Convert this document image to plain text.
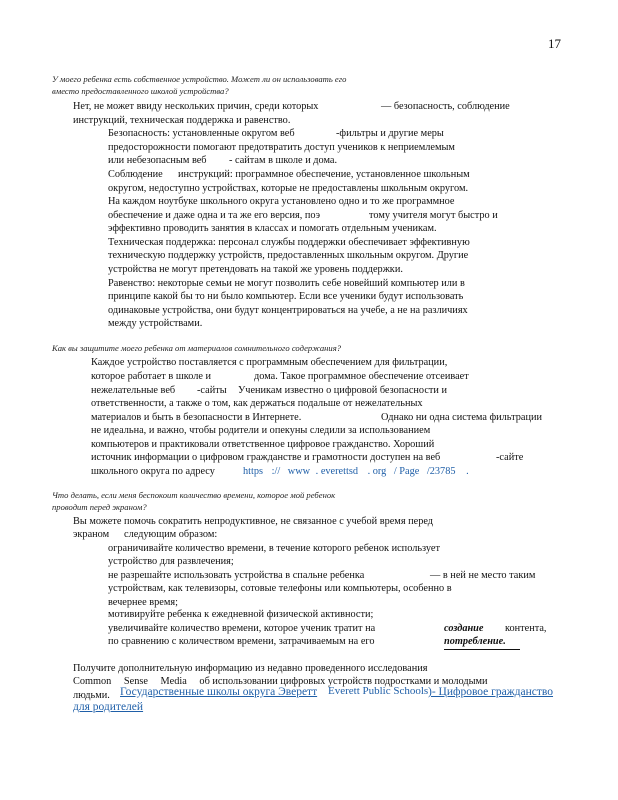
17
У моего ребенка есть собственное устройство. Может ли он использовать его
вместо предоставленного школой устройства?
Нет, не может ввиду нескольких причин, среди которых	— безопасность, соблюдение
инструкций, техническая поддержка и равенство.
Безопасность: установленные округом веб	-фильтры и другие меры
предосторожности помогают предотвратить доступ учеников к неприемлемым
или небезопасным веб - сайтам в школе и дома.
Соблюдение инструкций: программное обеспечение, установленное школьным
округом, недоступно устройствах, которые не предоставлены школьным округом.
На каждом ноутбуке школьного округа установлено одно и то же программное
обеспечение и даже одна и та же его версия, поэ	тому учителя могут быстро и
эффективно проводить занятия в классах и помогать отдельным ученикам.
Техническая поддержка: персонал службы поддержки обеспечивает эффективную
техническую поддержку устройств, предоставленных школьным округом. Другие
устройства не могут претендовать на такой же уровень поддержки.
Равенство: некоторые семьи не могут позволить себе новейший компьютер или в
принципе какой бы то ни было компьютер. Если все ученики будут использовать
одинаковые устройства, они будут концентрироваться на учебе, а не на различиях
между устройствами.
Как вы защитите моего ребенка от материалов сомнительного содержания?
Каждое устройство поставляется с программным обеспечением для фильтрации,
которое работает в школе и	дома. Такое программное обеспечение отсеивает
нежелательные веб -сайты Ученикам известно о цифровой безопасности и
ответственности, а также о том, как держаться подальше от нежелательных
материалов и быть в безопасности в Интернете.	Однако ни одна система фильтрации
не идеальна, и важно, чтобы родители и опекуны следили за использованием
компьютеров и практиковали ответственное цифровое гражданство. Хороший
источник информации о цифровом гражданстве и грамотности доступен на веб	-сайте
школьного округа по адресу	https :// www . everettsd . org / Page /23785 .
Что делать, если меня беспокоит количество времени, которое мой ребенок
проводит перед экраном?
Вы можете помочь сократить непродуктивное, не связанное с учебой время перед
экраном следующим образом:
ограничивайте количество времени, в течение которого ребенок использует
устройство для развлечения;
не разрешайте использовать устройства в спальне ребенка	— в ней не место таким
устройствам, как телевизоры, сотовые телефоны или компьютеры, особенно в
вечернее время;
мотивируйте ребенка к ежедневной физической активности;
увеличивайте количество времени, которое ученик тратит на	создание контента,
по сравнению с количеством времени, затрачиваемым на его	потребление.
Получите дополнительную информацию из недавно проведенного исследования
Common Sense Media об использовании цифровых устройств подростками и молодыми
людьми. Государственные школы округа Эверетт Everett Public Schools )- Цифровое гражданство
для родителей
